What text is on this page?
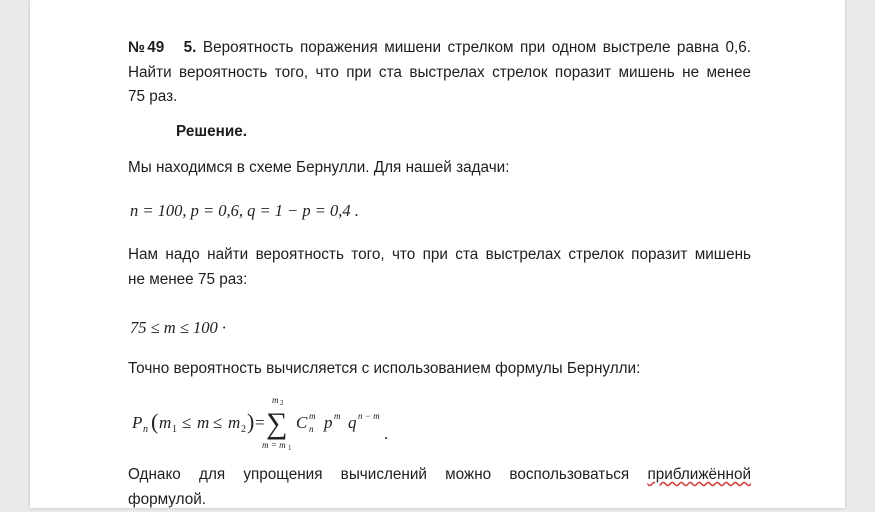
№49 5. Вероятность поражения мишени стрелком при одном выстреле равна 0,6.

Найти вероятность того, что при ста выстрелах стрелок поразит мишень не менее

75 раз.

Решение.

Мы находимся в схеме Бернулли. Для нашей задачи:

n = 100, p = 0,6, q = 1 − p = 0,4 .

Нам надо найти вероятность того, что при ста выстрелах стрелок поразит мишень

не менее 75 раз:

75 ≤ m ≤ 100 ·

Точно вероятность вычисляется с использованием формулы Бернулли:

P n ( m 1 ≤ m ≤ m 2 ) =
m 2
∑
m = m 1
C m
n p m q n − m
.

Однако для упрощения вычислений можно воспользоваться приближённой

формулой.
